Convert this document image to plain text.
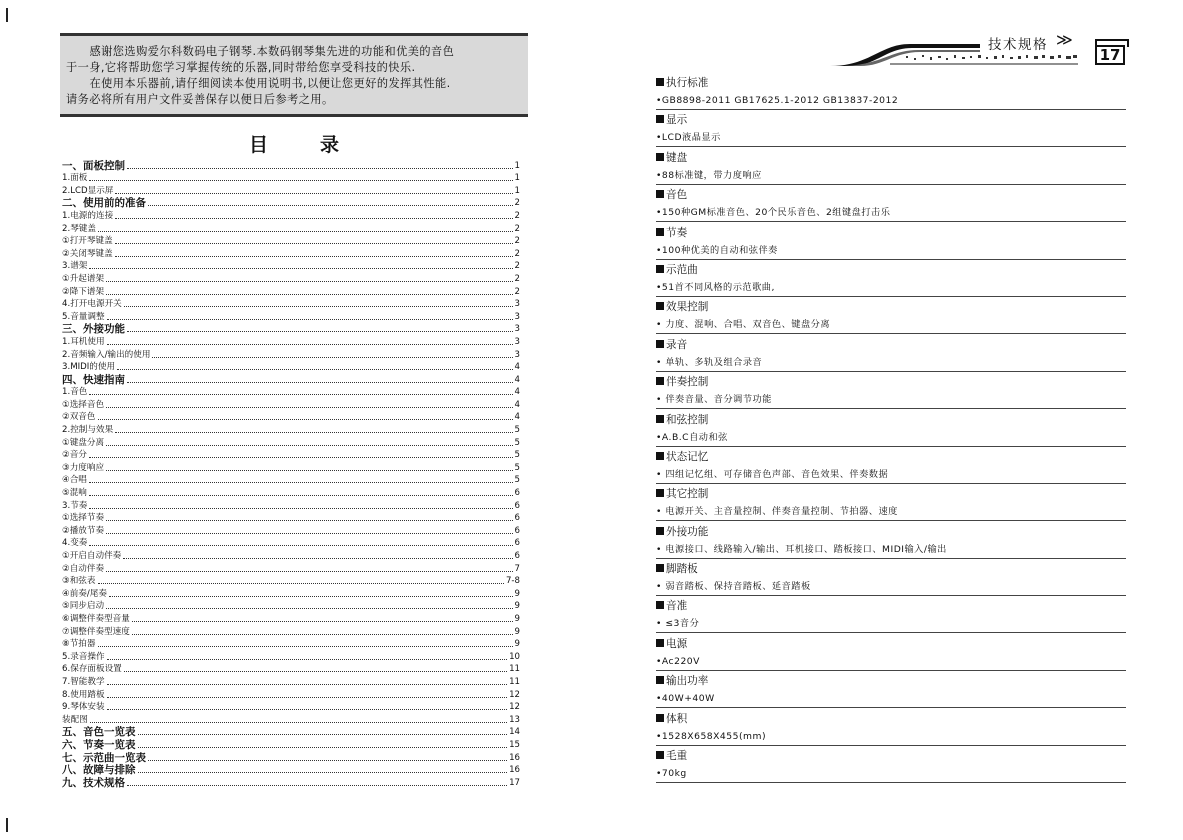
感谢您选购爱尔科数码电子钢琴.本数码钢琴集先进的功能和优美的音色

于一身,它将帮助您学习掌握传统的乐器,同时带给您享受科技的快乐.

在使用本乐器前,请仔细阅读本使用说明书,以便让您更好的发挥其性能.

请务必将所有用户文件妥善保存以便日后参考之用。

目录
一、面板控制	1
1.面板	1
2.LCD显示屏	1
二、使用前的准备	2
1.电源的连接	2
2.琴键盖	2
①打开琴键盖	2
②关闭琴键盖	2
3.谱架	2
①升起谱架	2
②降下谱架	2
4.打开电源开关	3
5.音量调整	3
三、外接功能	3
1.耳机使用	3
2.音频输入/输出的使用	3
3.MIDI的使用	4
四、快速指南	4
1.音色	4
①选择音色	4
②双音色	4
2.控制与效果	5
①键盘分离	5
②音分	5
③力度响应	5
④合唱	5
⑤混响	6
3.节奏	6
①选择节奏	6
②播放节奏	6
4.变奏	6
①开启自动伴奏	6
②自动伴奏	7
③和弦表	7-8
④前奏/尾奏	9
⑤同步启动	9
⑥调整伴奏型音量	9
⑦调整伴奏型速度	9
⑧节拍器	9
5.录音操作	10
6.保存面板设置	11
7.智能教学	11
8.使用踏板	12
9.琴体安装	12
装配图	13
五、音色一览表	14
六、节奏一览表	15
七、示范曲一览表	16
八、故障与排除	16
九、技术规格	17
技术规格 ≫
17
执行标准
•GB8898-2011 GB17625.1-2012 GB13837-2012
显示
•LCD液晶显示
键盘
•88标准键，带力度响应
音色
•150种GM标准音色、20个民乐音色、2组键盘打击乐
节奏
•100种优美的自动和弦伴奏
示范曲
•51首不同风格的示范歌曲,
效果控制
• 力度、混响、合唱、双音色、键盘分离
录音
• 单轨、多轨及组合录音
伴奏控制
• 伴奏音量、音分调节功能
和弦控制
•A.B.C自动和弦
状态记忆
• 四组记忆组、可存储音色声部、音色效果、伴奏数据
其它控制
• 电源开关、主音量控制、伴奏音量控制、节拍器、速度
外接功能
• 电源接口、线路输入/输出、耳机接口、踏板接口、MIDI输入/输出
脚踏板
• 弱音踏板、保持音踏板、延音踏板
音准
• ≤3音分
电源
•Ac220V
输出功率
•40W+40W
体积
•1528X658X455(mm)
毛重
•70kg
